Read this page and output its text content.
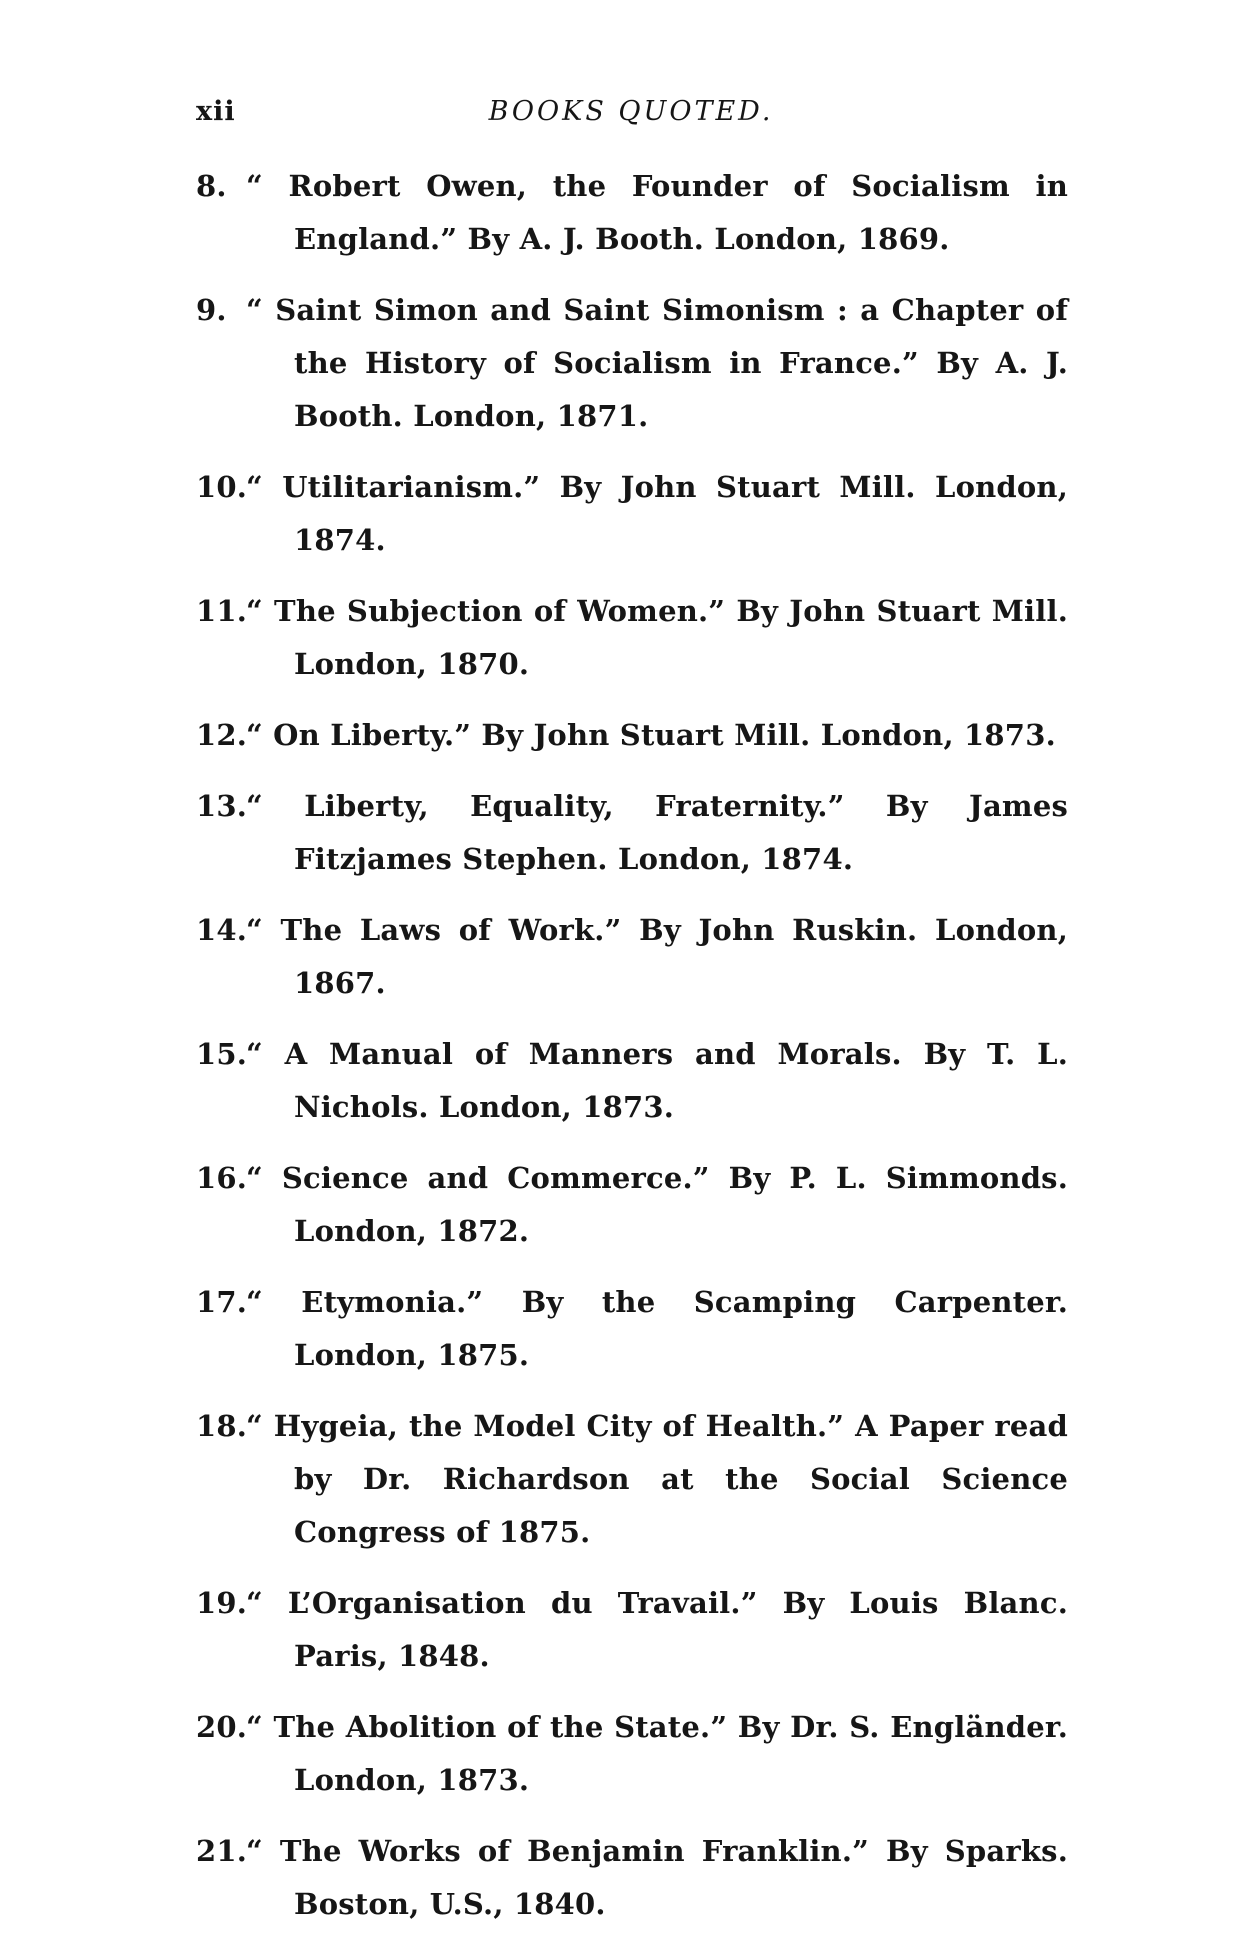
xii	BOOKS QUOTED.
8. “ Robert Owen, the Founder of Socialism in England.” By A. J. Booth. London, 1869.
9. “ Saint Simon and Saint Simonism : a Chapter of the History of Socialism in France.” By A. J. Booth. London, 1871.
10.“ Utilitarianism.” By John Stuart Mill. London, 1874.
11.“ The Subjection of Women.” By John Stuart Mill. London, 1870.
12.“ On Liberty.” By John Stuart Mill. London, 1873.
13.“ Liberty, Equality, Fraternity.” By James Fitzjames Stephen. London, 1874.
14.“ The Laws of Work.” By John Ruskin. London, 1867.
15.“ A Manual of Manners and Morals. By T. L. Nichols. London, 1873.
16.“ Science and Commerce.” By P. L. Simmonds. London, 1872.
17.“ Etymonia.” By the Scamping Carpenter. London, 1875.
18.“ Hygeia, the Model City of Health.” A Paper read by Dr. Richardson at the Social Science Congress of 1875.
19.“ L’Organisation du Travail.” By Louis Blanc. Paris, 1848.
20.“ The Abolition of the State.” By Dr. S. Engländer. London, 1873.
21.“ The Works of Benjamin Franklin.” By Sparks. Boston, U.S., 1840.
